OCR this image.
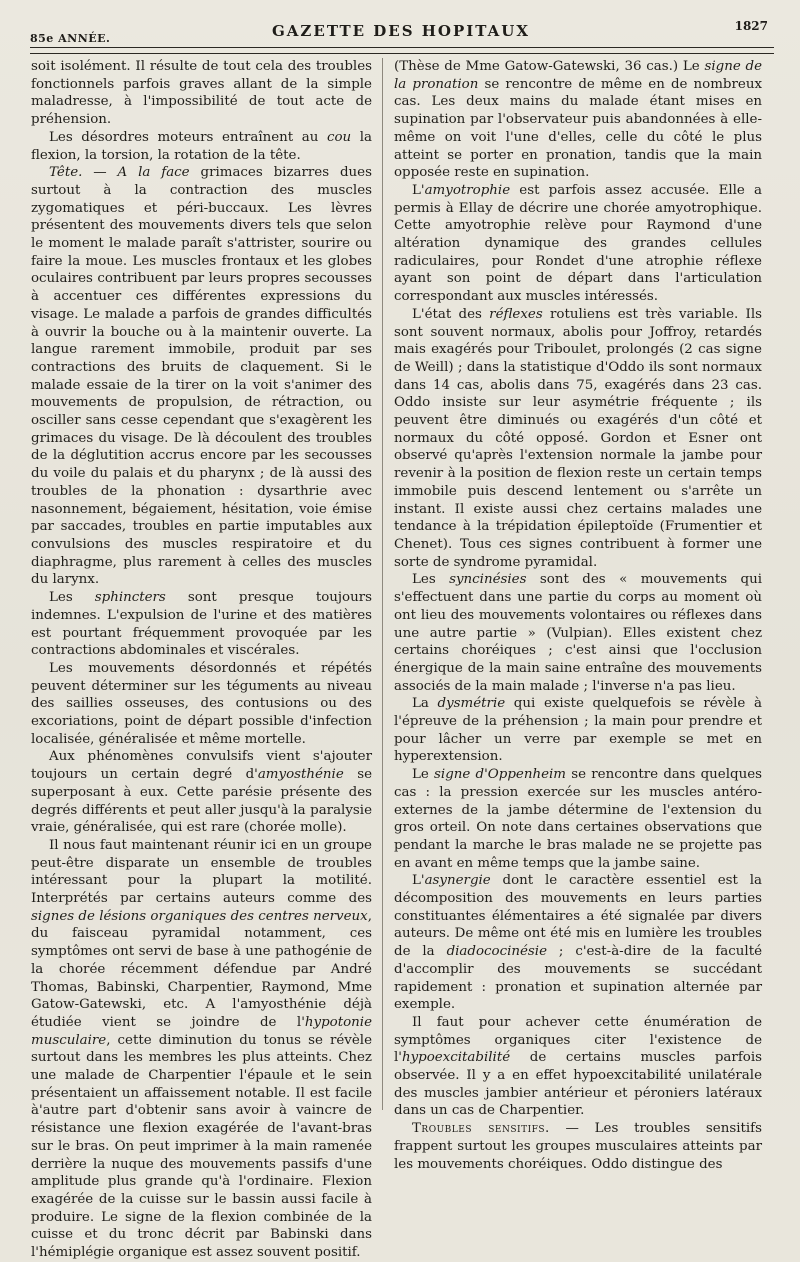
85e ANNÉE.	GAZETTE DES HOPITAUX	1827

soit isolément. Il résulte de tout cela des troubles fonctionnels parfois graves allant de la simple maladresse, à l'impossibilité de tout acte de préhension.

Les désordres moteurs entraînent au cou la flexion, la torsion, la rotation de la tête.

Tête. — A la face grimaces bizarres dues surtout à la contraction des muscles zygomatiques et péri-buccaux. Les lèvres présentent des mouvements divers tels que selon le moment le malade paraît s'attrister, sourire ou faire la moue. Les muscles frontaux et les globes oculaires contribuent par leurs propres secousses à accentuer ces différentes expressions du visage. Le malade a parfois de grandes difficultés à ouvrir la bouche ou à la maintenir ouverte. La langue rarement immobile, produit par ses contractions des bruits de claquement. Si le malade essaie de la tirer on la voit s'animer des mouvements de propulsion, de rétraction, ou osciller sans cesse cependant que s'exagèrent les grimaces du visage. De là découlent des troubles de la déglutition accrus encore par les secousses du voile du palais et du pharynx ; de là aussi des troubles de la phonation : dysarthrie avec nasonnement, bégaiement, hésitation, voie émise par saccades, troubles en partie imputables aux convulsions des muscles respiratoire et du diaphragme, plus rarement à celles des muscles du larynx.

Les sphincters sont presque toujours indemnes. L'expulsion de l'urine et des matières est pourtant fréquemment provoquée par les contractions abdominales et viscérales.

Les mouvements désordonnés et répétés peuvent déterminer sur les téguments au niveau des saillies osseuses, des contusions ou des excoriations, point de départ possible d'infection localisée, généralisée et même mortelle.

Aux phénomènes convulsifs vient s'ajouter toujours un certain degré d'amyosthénie se superposant à eux. Cette parésie présente des degrés différents et peut aller jusqu'à la paralysie vraie, généralisée, qui est rare (chorée molle).

Il nous faut maintenant réunir ici en un groupe peut-être disparate un ensemble de troubles intéressant pour la plupart la motilité. Interprétés par certains auteurs comme des signes de lésions organiques des centres nerveux, du faisceau pyramidal notamment, ces symptômes ont servi de base à une pathogénie de la chorée récemment défendue par André Thomas, Babinski, Charpentier, Raymond, Mme Gatow-Gatewski, etc. A l'amyosthénie déjà étudiée vient se joindre de l'hypotonie musculaire, cette diminution du tonus se révèle surtout dans les membres les plus atteints. Chez une malade de Charpentier l'épaule et le sein présentaient un affaissement notable. Il est facile à'autre part d'obtenir sans avoir à vaincre de résistance une flexion exagérée de l'avant-bras sur le bras. On peut imprimer à la main ramenée derrière la nuque des mouvements passifs d'une amplitude plus grande qu'à l'ordinaire. Flexion exagérée de la cuisse sur le bassin aussi facile à produire. Le signe de la flexion combinée de la cuisse et du tronc décrit par Babinski dans l'hémiplégie organique est assez souvent positif.

(Thèse de Mme Gatow-Gatewski, 36 cas.) Le signe de la pronation se rencontre de même en de nombreux cas. Les deux mains du malade étant mises en supination par l'observateur puis abandonnées à elle-même on voit l'une d'elles, celle du côté le plus atteint se porter en pronation, tandis que la main opposée reste en supination.

L'amyotrophie est parfois assez accusée. Elle a permis à Ellay de décrire une chorée amyotrophique. Cette amyotrophie relève pour Raymond d'une altération dynamique des grandes cellules radiculaires, pour Rondet d'une atrophie réflexe ayant son point de départ dans l'articulation correspondant aux muscles intéressés.

L'état des réflexes rotuliens est très variable. Ils sont souvent normaux, abolis pour Joffroy, retardés mais exagérés pour Triboulet, prolongés (2 cas signe de Weill) ; dans la statistique d'Oddo ils sont normaux dans 14 cas, abolis dans 75, exagérés dans 23 cas. Oddo insiste sur leur asymétrie fréquente ; ils peuvent être diminués ou exagérés d'un côté et normaux du côté opposé. Gordon et Esner ont observé qu'après l'extension normale la jambe pour revenir à la position de flexion reste un certain temps immobile puis descend lentement ou s'arrête un instant. Il existe aussi chez certains malades une tendance à la trépidation épileptoïde (Frumentier et Chenet). Tous ces signes contribuent à former une sorte de syndrome pyramidal.

Les syncinésies sont des « mouvements qui s'effectuent dans une partie du corps au moment où ont lieu des mouvements volontaires ou réflexes dans une autre partie » (Vulpian). Elles existent chez certains choréiques ; c'est ainsi que l'occlusion énergique de la main saine entraîne des mouvements associés de la main malade ; l'inverse n'a pas lieu.

La dysmétrie qui existe quelquefois se révèle à l'épreuve de la préhension ; la main pour prendre et pour lâcher un verre par exemple se met en hyperextension.

Le signe d'Oppenheim se rencontre dans quelques cas : la pression exercée sur les muscles antéro-externes de la jambe détermine de l'extension du gros orteil. On note dans certaines observations que pendant la marche le bras malade ne se projette pas en avant en même temps que la jambe saine.

L'asynergie dont le caractère essentiel est la décomposition des mouvements en leurs parties constituantes élémentaires a été signalée par divers auteurs. De même ont été mis en lumière les troubles de la diadococinésie ; c'est-à-dire de la faculté d'accomplir des mouvements se succédant rapidement : pronation et supination alternée par exemple.

Il faut pour achever cette énumération de symptômes organiques citer l'existence de l'hypoexcitabilité de certains muscles parfois observée. Il y a en effet hypoexcitabilité unilatérale des muscles jambier antérieur et péroniers latéraux dans un cas de Charpentier.

Troubles sensitifs. — Les troubles sensitifs frappent surtout les groupes musculaires atteints par les mouvements choréiques. Oddo distingue des
